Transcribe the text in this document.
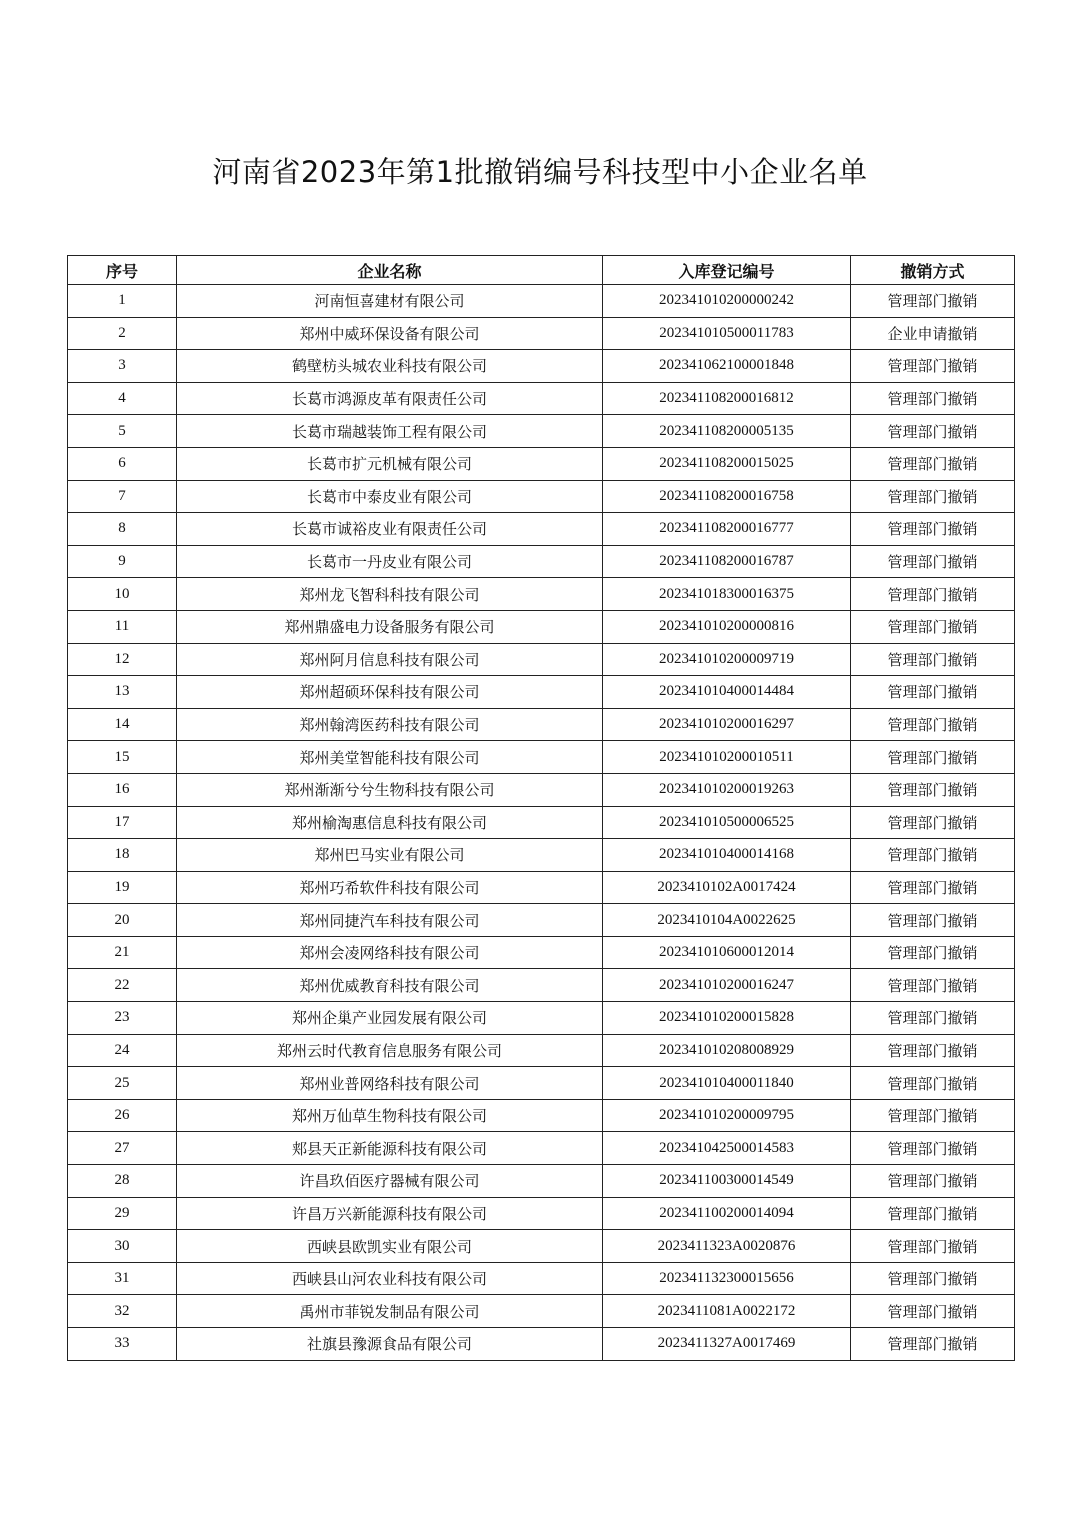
河南省2023年第1批撤销编号科技型中小企业名单
序号	企业名称	入库登记编号	撤销方式
1	河南恒喜建材有限公司	202341010200000242	管理部门撤销
2	郑州中威环保设备有限公司	202341010500011783	企业申请撤销
3	鹤壁枋头城农业科技有限公司	202341062100001848	管理部门撤销
4	长葛市鸿源皮革有限责任公司	202341108200016812	管理部门撤销
5	长葛市瑞越装饰工程有限公司	202341108200005135	管理部门撤销
6	长葛市扩元机械有限公司	202341108200015025	管理部门撤销
7	长葛市中泰皮业有限公司	202341108200016758	管理部门撤销
8	长葛市诚裕皮业有限责任公司	202341108200016777	管理部门撤销
9	长葛市一丹皮业有限公司	202341108200016787	管理部门撤销
10	郑州龙飞智科科技有限公司	202341018300016375	管理部门撤销
11	郑州鼎盛电力设备服务有限公司	202341010200000816	管理部门撤销
12	郑州阿月信息科技有限公司	202341010200009719	管理部门撤销
13	郑州超硕环保科技有限公司	202341010400014484	管理部门撤销
14	郑州翰湾医药科技有限公司	202341010200016297	管理部门撤销
15	郑州美堂智能科技有限公司	202341010200010511	管理部门撤销
16	郑州渐渐兮兮生物科技有限公司	202341010200019263	管理部门撤销
17	郑州榆淘惠信息科技有限公司	202341010500006525	管理部门撤销
18	郑州巴马实业有限公司	202341010400014168	管理部门撤销
19	郑州巧希软件科技有限公司	2023410102A0017424	管理部门撤销
20	郑州同捷汽车科技有限公司	2023410104A0022625	管理部门撤销
21	郑州会凌网络科技有限公司	202341010600012014	管理部门撤销
22	郑州优威教育科技有限公司	202341010200016247	管理部门撤销
23	郑州企巢产业园发展有限公司	202341010200015828	管理部门撤销
24	郑州云时代教育信息服务有限公司	202341010208008929	管理部门撤销
25	郑州业普网络科技有限公司	202341010400011840	管理部门撤销
26	郑州万仙草生物科技有限公司	202341010200009795	管理部门撤销
27	郏县天正新能源科技有限公司	202341042500014583	管理部门撤销
28	许昌玖佰医疗器械有限公司	202341100300014549	管理部门撤销
29	许昌万兴新能源科技有限公司	202341100200014094	管理部门撤销
30	西峡县欧凯实业有限公司	2023411323A0020876	管理部门撤销
31	西峡县山河农业科技有限公司	202341132300015656	管理部门撤销
32	禹州市菲锐发制品有限公司	2023411081A0022172	管理部门撤销
33	社旗县豫源食品有限公司	2023411327A0017469	管理部门撤销
